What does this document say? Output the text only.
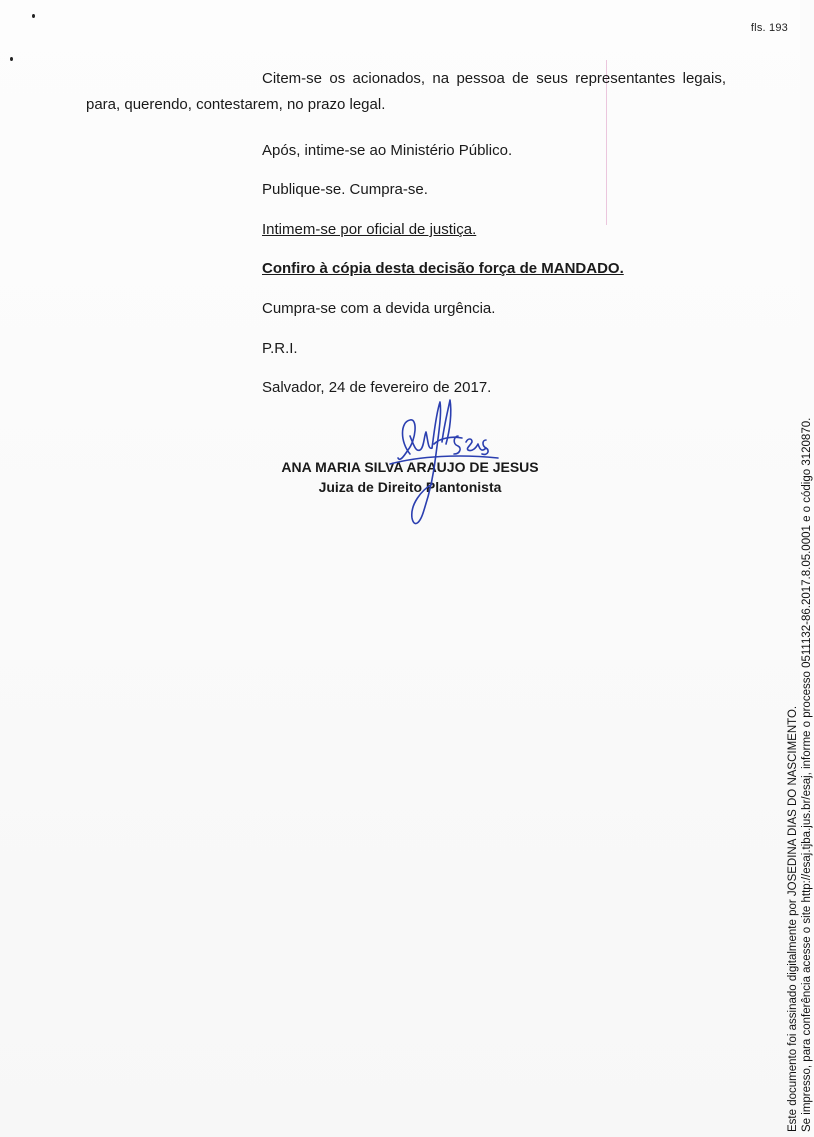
fls. 193
Citem-se os acionados, na pessoa de seus representantes legais, para, querendo, contestarem, no prazo legal.
Após, intime-se ao Ministério Público.
Publique-se. Cumpra-se.
Intimem-se por oficial de justiça.
Confiro à cópia desta decisão força de MANDADO.
Cumpra-se com a devida urgência.
P.R.I.
Salvador, 24 de fevereiro de 2017.
ANA MARIA SILVA ARAUJO DE JESUS
Juiza de Direito Plantonista
Este documento foi assinado digitalmente por JOSEDINA DIAS DO NASCIMENTO. Se impresso, para conferência acesse o site http://esaj.tjba.jus.br/esaj, informe o processo 0511132-86.2017.8.05.0001 e o código 3120870.
